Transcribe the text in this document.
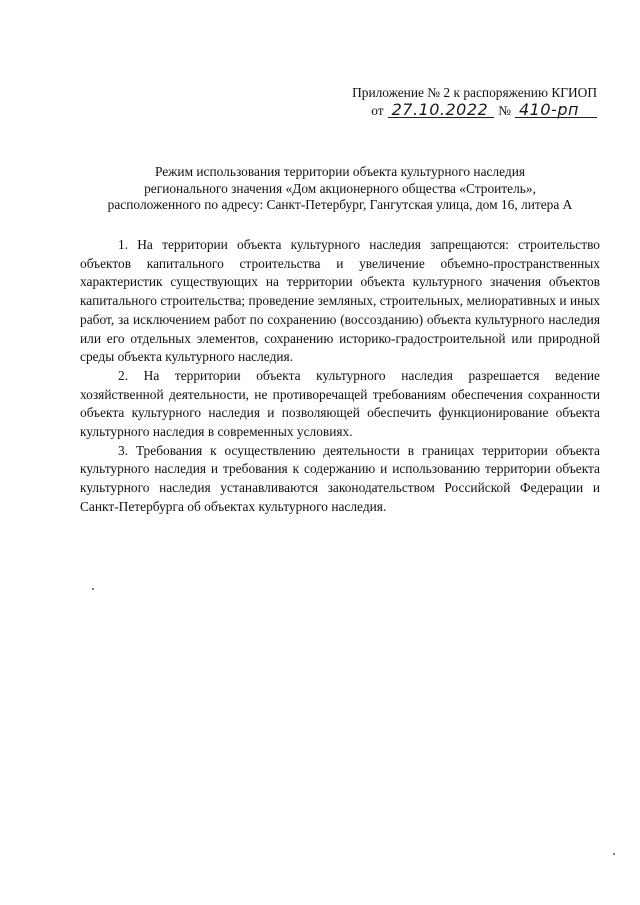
Приложение № 2 к распоряжению КГИОП
от 27.10.2022 № 410-рп
Режим использования территории объекта культурного наследия
регионального значения «Дом акционерного общества «Строитель»,
расположенного по адресу: Санкт-Петербург, Гангутская улица, дом 16, литера А

1. На территории объекта культурного наследия запрещаются: строительство объектов капитального строительства и увеличение объемно-пространственных характеристик существующих на территории объекта культурного значения объектов капитального строительства; проведение земляных, строительных, мелиоративных и иных работ, за исключением работ по сохранению (воссозданию) объекта культурного наследия или его отдельных элементов, сохранению историко-градостроительной или природной среды объекта культурного наследия.

2. На территории объекта культурного наследия разрешается ведение хозяйственной деятельности, не противоречащей требованиям обеспечения сохранности объекта культурного наследия и позволяющей обеспечить функционирование объекта культурного наследия в современных условиях.

3. Требования к осуществлению деятельности в границах территории объекта культурного наследия и требования к содержанию и использованию территории объекта культурного наследия устанавливаются законодательством Российской Федерации и Санкт-Петербурга об объектах культурного наследия.
